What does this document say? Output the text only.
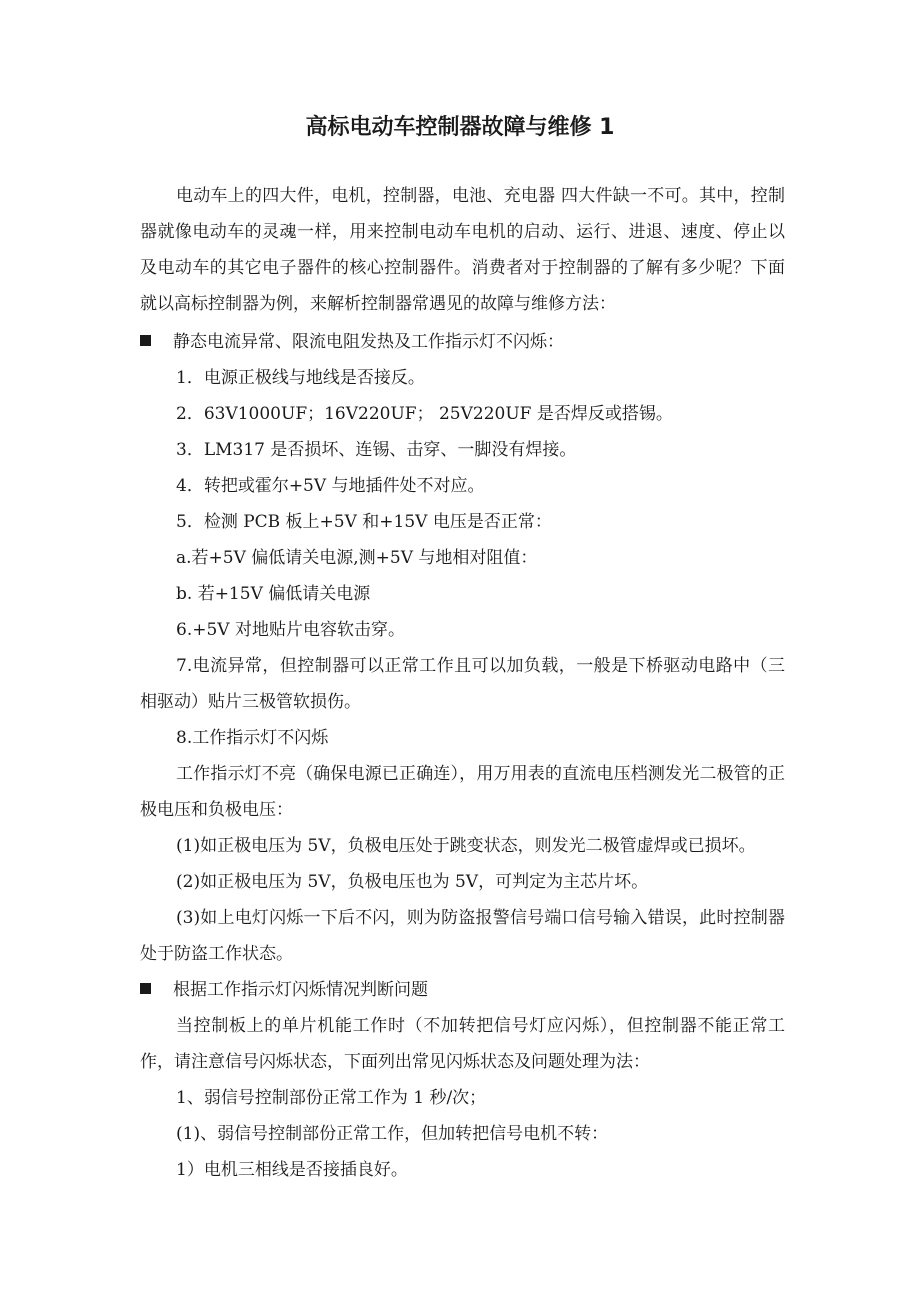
高标电动车控制器故障与维修 1

电动车上的四大件，电机，控制器，电池、充电器 四大件缺一不可。其中，控制器就像电动车的灵魂一样，用来控制电动车电机的启动、运行、进退、速度、停止以及电动车的其它电子器件的核心控制器件。消费者对于控制器的了解有多少呢？下面就以高标控制器为例，来解析控制器常遇见的故障与维修方法：

静态电流异常、限流电阻发热及工作指示灯不闪烁：

1．电源正极线与地线是否接反。

2．63V1000UF；16V220UF； 25V220UF 是否焊反或搭锡。

3．LM317 是否损坏、连锡、击穿、一脚没有焊接。

4．转把或霍尔+5V 与地插件处不对应。

5．检测 PCB 板上+5V 和+15V 电压是否正常：

a.若+5V 偏低请关电源,测+5V 与地相对阻值：

b. 若+15V 偏低请关电源

6.+5V 对地贴片电容软击穿。

7.电流异常，但控制器可以正常工作且可以加负载，一般是下桥驱动电路中（三相驱动）贴片三极管软损伤。

8.工作指示灯不闪烁

工作指示灯不亮（确保电源已正确连），用万用表的直流电压档测发光二极管的正极电压和负极电压：

(1)如正极电压为 5V，负极电压处于跳变状态，则发光二极管虚焊或已损坏。

(2)如正极电压为 5V，负极电压也为 5V，可判定为主芯片坏。

(3)如上电灯闪烁一下后不闪，则为防盗报警信号端口信号输入错误，此时控制器处于防盗工作状态。

根据工作指示灯闪烁情况判断问题

当控制板上的单片机能工作时（不加转把信号灯应闪烁），但控制器不能正常工作，请注意信号闪烁状态，下面列出常见闪烁状态及问题处理为法：

1、弱信号控制部份正常工作为 1 秒/次；

(1)、弱信号控制部份正常工作，但加转把信号电机不转：

1）电机三相线是否接插良好。
